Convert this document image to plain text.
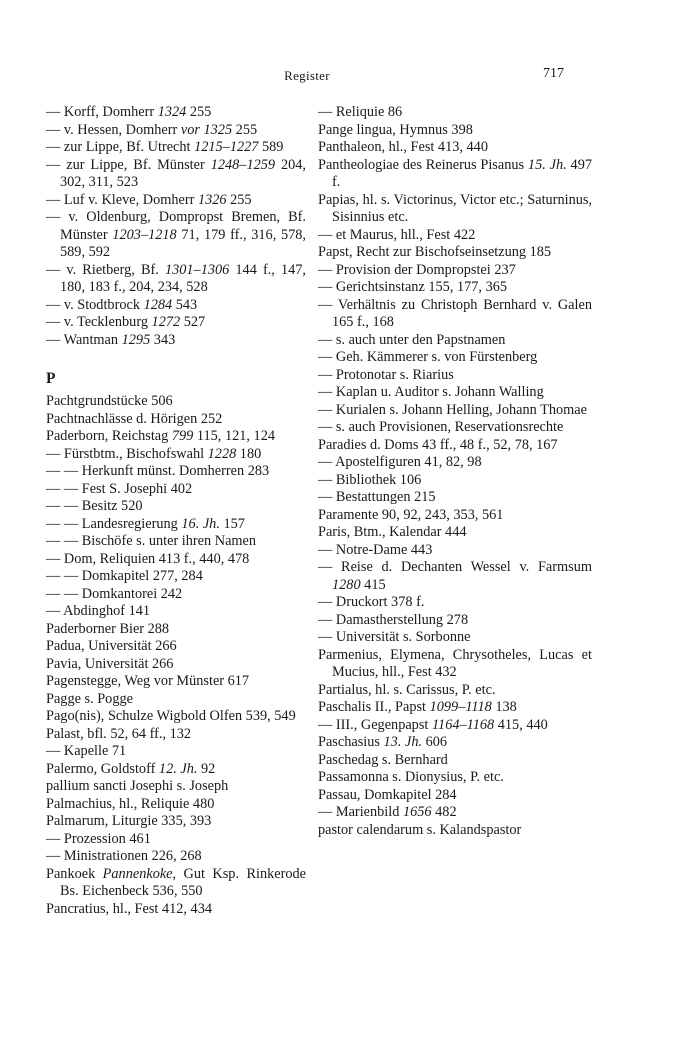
Register	717
— Korff, Domherr 1324 255
— v. Hessen, Domherr vor 1325 255
— zur Lippe, Bf. Utrecht 1215–1227 589
— zur Lippe, Bf. Münster 1248–1259 204, 302, 311, 523
— Luf v. Kleve, Domherr 1326 255
— v. Oldenburg, Dompropst Bremen, Bf. Münster 1203–1218 71, 179 ff., 316, 578, 589, 592
— v. Rietberg, Bf. 1301–1306 144 f., 147, 180, 183 f., 204, 234, 528
— v. Stodtbrock 1284 543
— v. Tecklenburg 1272 527
— Wantman 1295 343
P
Pachtgrundstücke 506
Pachtnachlässe d. Hörigen 252
Paderborn, Reichstag 799 115, 121, 124
— Fürstbtm., Bischofswahl 1228 180
— — Herkunft münst. Domherren 283
— — Fest S. Josephi 402
— — Besitz 520
— — Landesregierung 16. Jh. 157
— — Bischöfe s. unter ihren Namen
— Dom, Reliquien 413 f., 440, 478
— — Domkapitel 277, 284
— — Domkantorei 242
— Abdinghof 141
Paderborner Bier 288
Padua, Universität 266
Pavia, Universität 266
Pagenstegge, Weg vor Münster 617
Pagge s. Pogge
Pago(nis), Schulze Wigbold Olfen 539, 549
Palast, bfl. 52, 64 ff., 132
— Kapelle 71
Palermo, Goldstoff 12. Jh. 92
pallium sancti Josephi s. Joseph
Palmachius, hl., Reliquie 480
Palmarum, Liturgie 335, 393
— Prozession 461
— Ministrationen 226, 268
Pankoek Pannenkoke, Gut Ksp. Rinkerode Bs. Eichenbeck 536, 550
Pancratius, hl., Fest 412, 434
— Reliquie 86
Pange lingua, Hymnus 398
Panthaleon, hl., Fest 413, 440
Pantheologiae des Reinerus Pisanus 15. Jh. 497 f.
Papias, hl. s. Victorinus, Victor etc.; Saturninus, Sisinnius etc.
— et Maurus, hll., Fest 422
Papst, Recht zur Bischofseinsetzung 185
— Provision der Dompropstei 237
— Gerichtsinstanz 155, 177, 365
— Verhältnis zu Christoph Bernhard v. Galen 165 f., 168
— s. auch unter den Papstnamen
— Geh. Kämmerer s. von Fürstenberg
— Protonotar s. Riarius
— Kaplan u. Auditor s. Johann Walling
— Kurialen s. Johann Helling, Johann Thomae
— s. auch Provisionen, Reservationsrechte
Paradies d. Doms 43 ff., 48 f., 52, 78, 167
— Apostelfiguren 41, 82, 98
— Bibliothek 106
— Bestattungen 215
Paramente 90, 92, 243, 353, 561
Paris, Btm., Kalendar 444
— Notre-Dame 443
— Reise d. Dechanten Wessel v. Farmsum 1280 415
— Druckort 378 f.
— Damastherstellung 278
— Universität s. Sorbonne
Parmenius, Elymena, Chrysotheles, Lucas et Mucius, hll., Fest 432
Partialus, hl. s. Carissus, P. etc.
Paschalis II., Papst 1099–1118 138
— III., Gegenpapst 1164–1168 415, 440
Paschasius 13. Jh. 606
Paschedag s. Bernhard
Passamonna s. Dionysius, P. etc.
Passau, Domkapitel 284
— Marienbild 1656 482
pastor calendarum s. Kalandspastor
